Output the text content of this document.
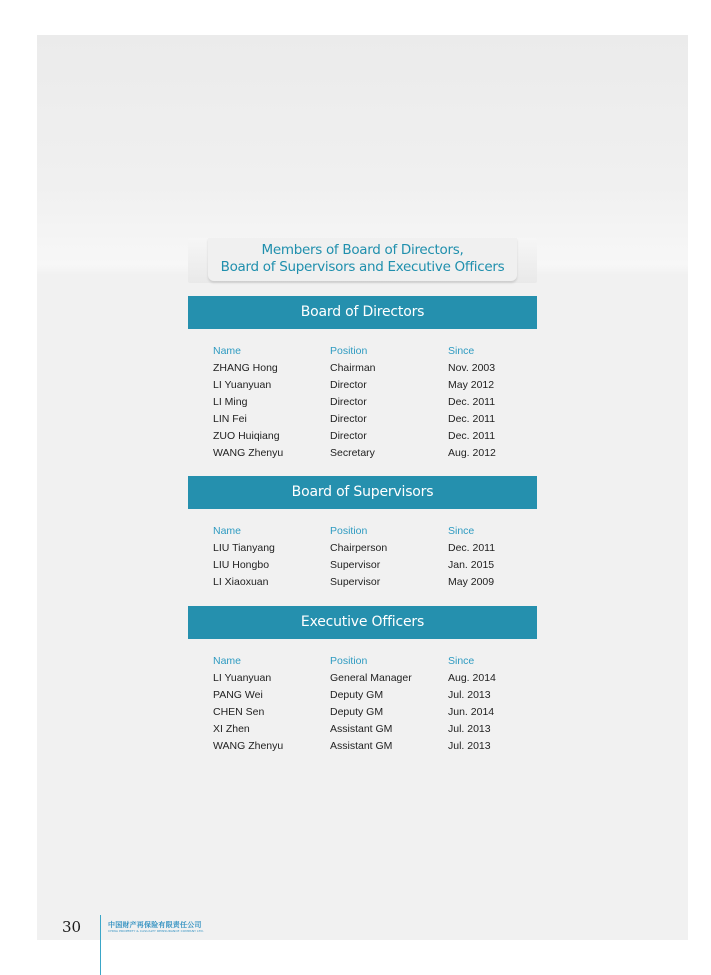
Members of Board of Directors,
Board of Supervisors and Executive Officers
Board of Directors
Name	Position	Since
ZHANG Hong	Chairman	Nov. 2003
LI Yuanyuan	Director	May 2012
LI Ming	Director	Dec. 2011
LIN Fei	Director	Dec. 2011
ZUO Huiqiang	Director	Dec. 2011
WANG Zhenyu	Secretary	Aug. 2012
Board of Supervisors
Name	Position	Since
LIU Tianyang	Chairperson	Dec. 2011
LIU Hongbo	Supervisor	Jan. 2015
LI Xiaoxuan	Supervisor	May 2009
Executive Officers
Name	Position	Since
LI Yuanyuan	General Manager	Aug. 2014
PANG Wei	Deputy GM	Jul. 2013
CHEN Sen	Deputy GM	Jun. 2014
XI Zhen	Assistant GM	Jul. 2013
WANG Zhenyu	Assistant GM	Jul. 2013
30	中国财产再保险有限责任公司
CHINA PROPERTY & CASUALTY REINSURANCE COMPANY LTD.
